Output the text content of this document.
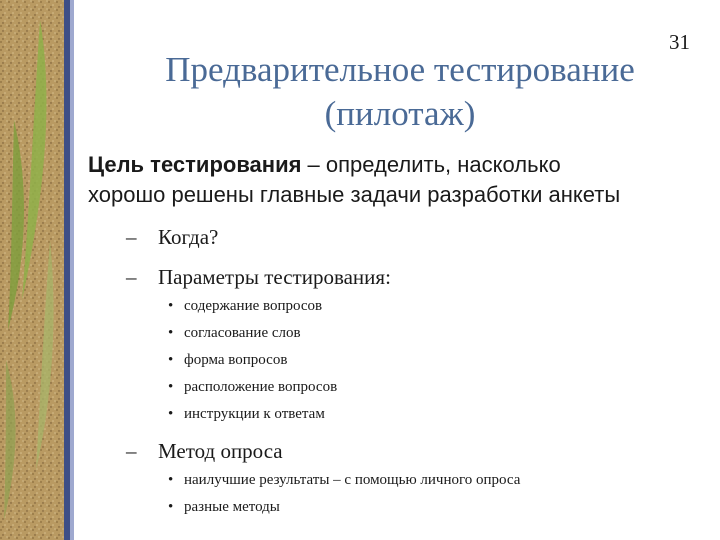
31
Предварительное тестирование
(пилотаж)

Цель тестирования – определить, насколько
хорошо решены главные задачи разработки анкеты

– Когда?
– Параметры тестирования:
• содержание вопросов
• согласование слов
• форма вопросов
• расположение вопросов
• инструкции к ответам
– Метод опроса
• наилучшие результаты – с помощью личного опроса
• разные методы
